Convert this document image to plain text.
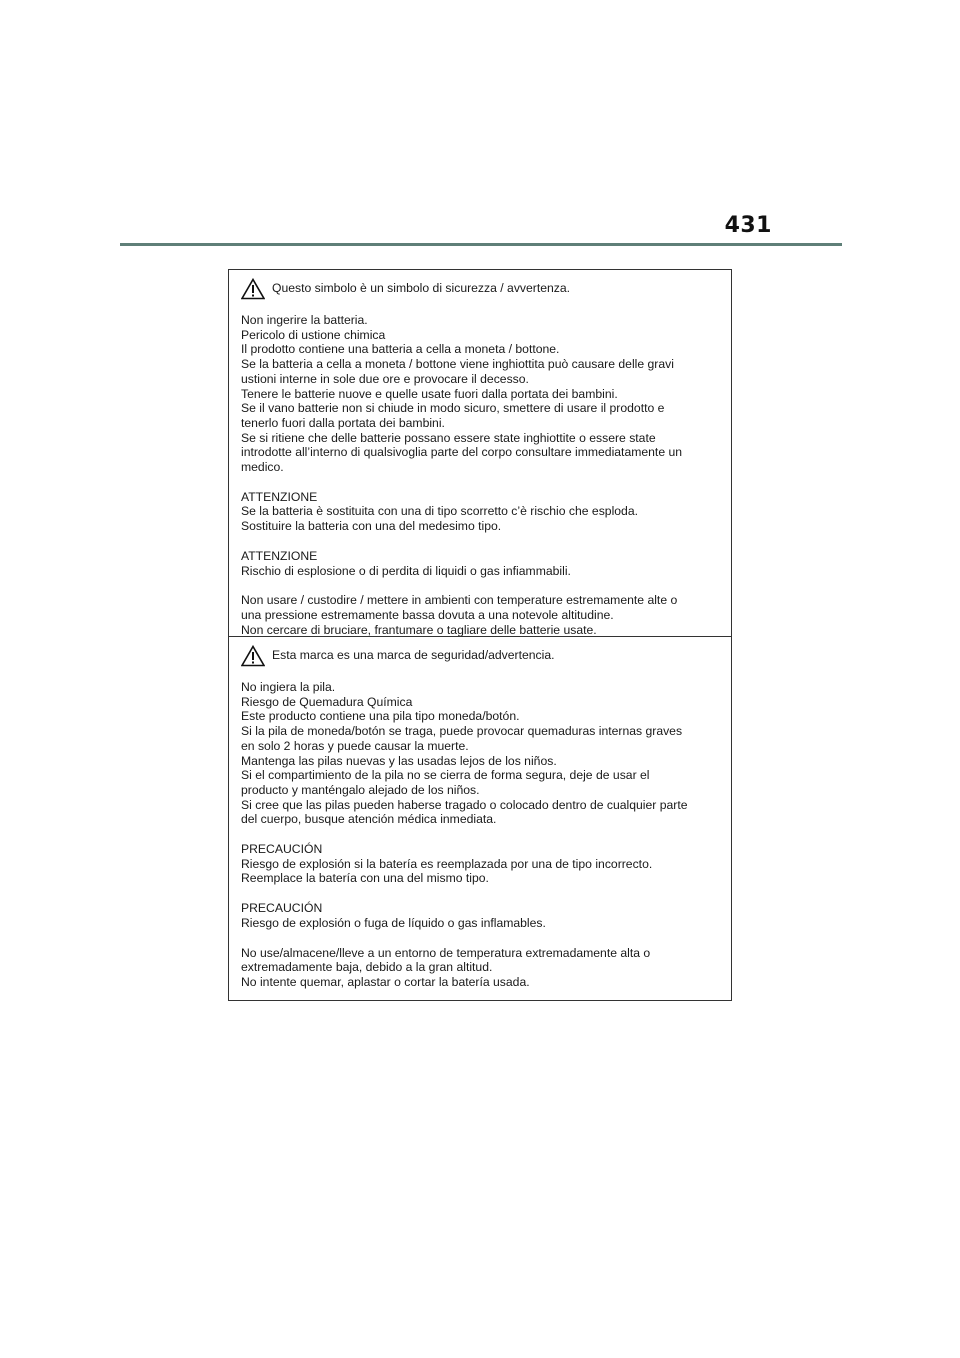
431
Questo simbolo è un simbolo di sicurezza / avvertenza.
Non ingerire la batteria.
Pericolo di ustione chimica
Il prodotto contiene una batteria a cella a moneta / bottone.
Se la batteria a cella a moneta / bottone viene inghiottita può causare delle gravi
ustioni interne in sole due ore e provocare il decesso.
Tenere le batterie nuove e quelle usate fuori dalla portata dei bambini.
Se il vano batterie non si chiude in modo sicuro, smettere di usare il prodotto e
tenerlo fuori dalla portata dei bambini.
Se si ritiene che delle batterie possano essere state inghiottite o essere state
introdotte all’interno di qualsivoglia parte del corpo consultare immediatamente un
medico.
ATTENZIONE
Se la batteria è sostituita con una di tipo scorretto c’è rischio che esploda.
Sostituire la batteria con una del medesimo tipo.
ATTENZIONE
Rischio di esplosione o di perdita di liquidi o gas infiammabili.
Non usare / custodire / mettere in ambienti con temperature estremamente alte o
una pressione estremamente bassa dovuta a una notevole altitudine.
Non cercare di bruciare, frantumare o tagliare delle batterie usate.
Esta marca es una marca de seguridad/advertencia.
No ingiera la pila.
Riesgo de Quemadura Química
Este producto contiene una pila tipo moneda/botón.
Si la pila de moneda/botón se traga, puede provocar quemaduras internas graves
en solo 2 horas y puede causar la muerte.
Mantenga las pilas nuevas y las usadas lejos de los niños.
Si el compartimiento de la pila no se cierra de forma segura, deje de usar el
producto y manténgalo alejado de los niños.
Si cree que las pilas pueden haberse tragado o colocado dentro de cualquier parte
del cuerpo, busque atención médica inmediata.
PRECAUCIÓN
Riesgo de explosión si la batería es reemplazada por una de tipo incorrecto.
Reemplace la batería con una del mismo tipo.
PRECAUCIÓN
Riesgo de explosión o fuga de líquido o gas inflamables.
No use/almacene/lleve a un entorno de temperatura extremadamente alta o
extremadamente baja, debido a la gran altitud.
No intente quemar, aplastar o cortar la batería usada.
